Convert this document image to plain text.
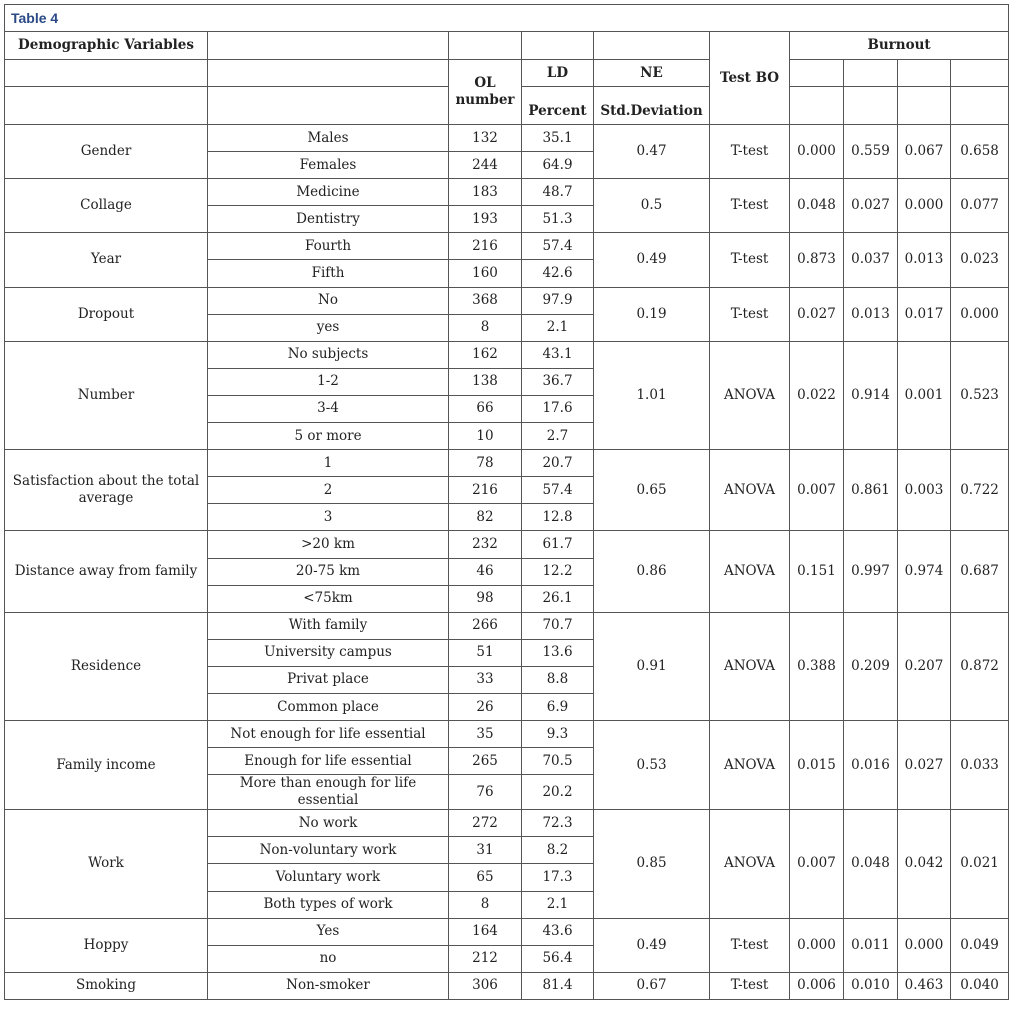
Table 4									
Demographic Variables					Test BO	Burnout			
		OL number	LD	NE					
			Percent	Std.Deviation					
Gender	Males	132	35.1	0.47	T-test	0.000	0.559	0.067	0.658
	Females	244	64.9						
Collage	Medicine	183	48.7	0.5	T-test	0.048	0.027	0.000	0.077
	Dentistry	193	51.3						
Year	Fourth	216	57.4	0.49	T-test	0.873	0.037	0.013	0.023
	Fifth	160	42.6						
Dropout	No	368	97.9	0.19	T-test	0.027	0.013	0.017	0.000
	yes	8	2.1						
Number	No subjects	162	43.1	1.01	ANOVA	0.022	0.914	0.001	0.523
	1-2	138	36.7						
	3-4	66	17.6						
	5 or more	10	2.7						
Satisfaction about the total average	1	78	20.7	0.65	ANOVA	0.007	0.861	0.003	0.722
	2	216	57.4						
	3	82	12.8						
Distance away from family	>20 km	232	61.7	0.86	ANOVA	0.151	0.997	0.974	0.687
	20-75 km	46	12.2						
	<75km	98	26.1						
Residence	With family	266	70.7	0.91	ANOVA	0.388	0.209	0.207	0.872
	University campus	51	13.6						
	Privat place	33	8.8						
	Common place	26	6.9						
Family income	Not enough for life essential	35	9.3	0.53	ANOVA	0.015	0.016	0.027	0.033
	Enough for life essential	265	70.5						
	More than enough for life essential	76	20.2						
Work	No work	272	72.3	0.85	ANOVA	0.007	0.048	0.042	0.021
	Non-voluntary work	31	8.2						
	Voluntary work	65	17.3						
	Both types of work	8	2.1						
Hoppy	Yes	164	43.6	0.49	T-test	0.000	0.011	0.000	0.049
	no	212	56.4						
Smoking	Non-smoker	306	81.4	0.67	T-test	0.006	0.010	0.463	0.040
